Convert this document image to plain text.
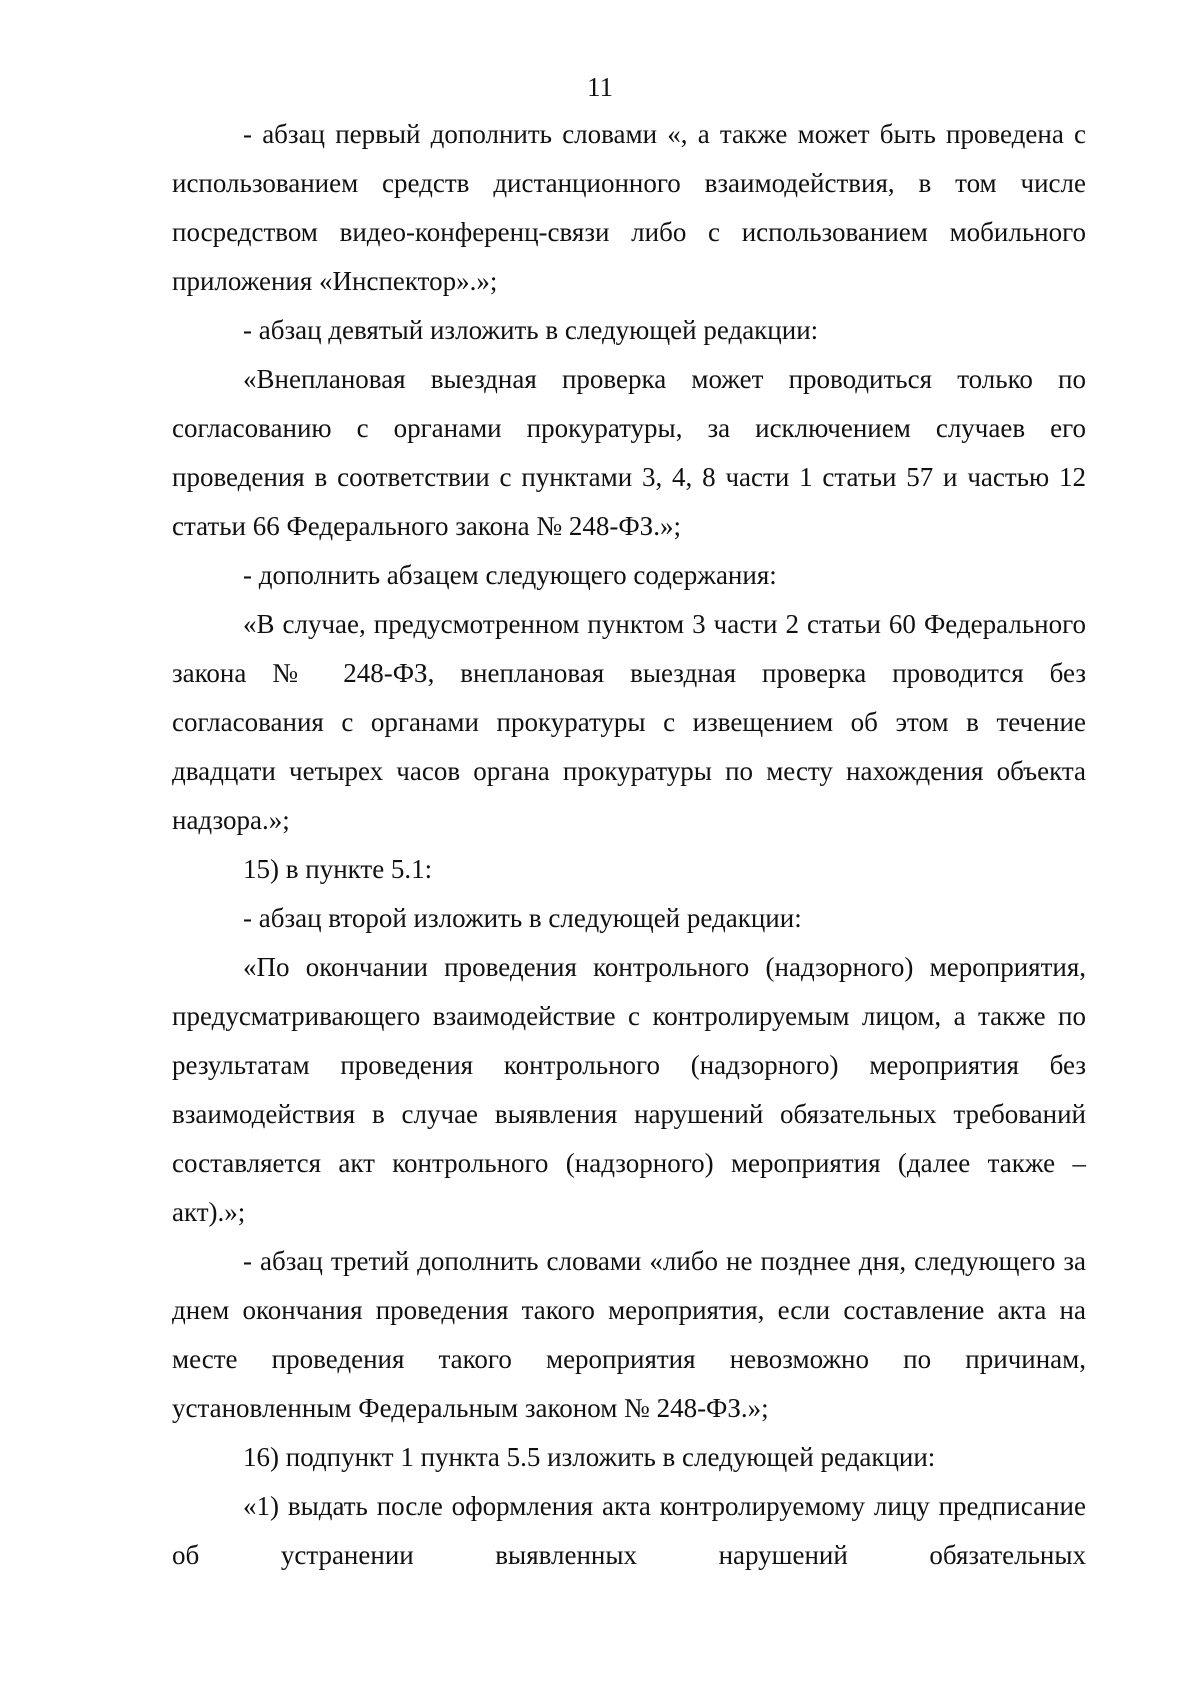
11

- абзац первый дополнить словами «, а также может быть проведена с использованием средств дистанционного взаимодействия, в том числе посредством видео-конференц-связи либо с использованием мобильного приложения «Инспектор».»;

- абзац девятый изложить в следующей редакции:

«Внеплановая выездная проверка может проводиться только по согласованию с органами прокуратуры, за исключением случаев его проведения в соответствии с пунктами 3, 4, 8 части 1 статьи 57 и частью 12 статьи 66 Федерального закона № 248-ФЗ.»;

- дополнить абзацем следующего содержания:

«В случае, предусмотренном пунктом 3 части 2 статьи 60 Федерального закона № 248-ФЗ, внеплановая выездная проверка проводится без согласования с органами прокуратуры с извещением об этом в течение двадцати четырех часов органа прокуратуры по месту нахождения объекта надзора.»;

15) в пункте 5.1:

- абзац второй изложить в следующей редакции:

«По окончании проведения контрольного (надзорного) мероприятия, предусматривающего взаимодействие с контролируемым лицом, а также по результатам проведения контрольного (надзорного) мероприятия без взаимодействия в случае выявления нарушений обязательных требований составляется акт контрольного (надзорного) мероприятия (далее также – акт).»;

- абзац третий дополнить словами «либо не позднее дня, следующего за днем окончания проведения такого мероприятия, если составление акта на месте проведения такого мероприятия невозможно по причинам, установленным Федеральным законом № 248-ФЗ.»;

16) подпункт 1 пункта 5.5 изложить в следующей редакции:

«1) выдать после оформления акта контролируемому лицу предписание об устранении выявленных нарушений обязательных
